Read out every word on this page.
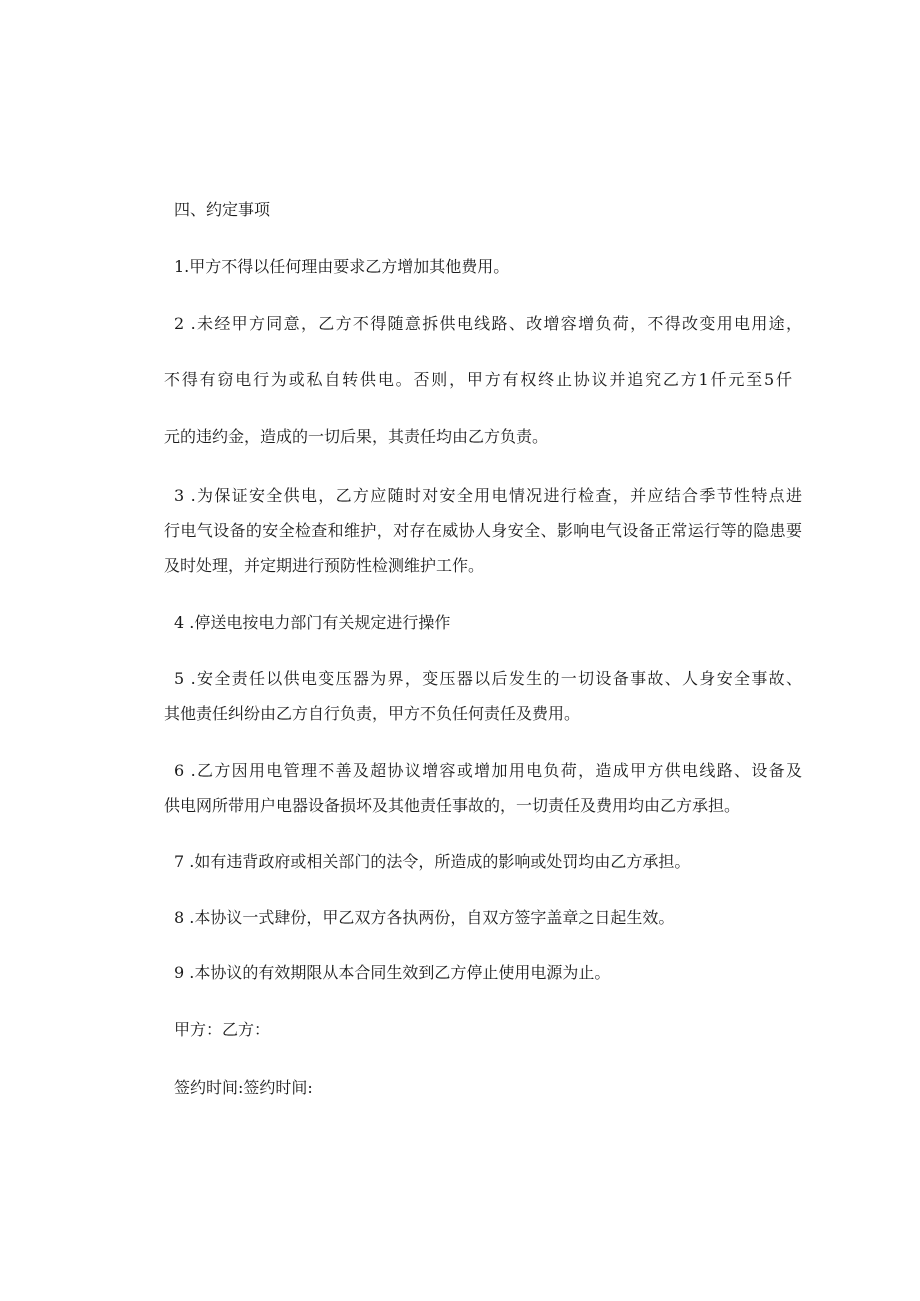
四、约定事项

1.甲方不得以任何理由要求乙方增加其他费用。

2 .未经甲方同意，乙方不得随意拆供电线路、改增容增负荷，不得改变用电用途，

不得有窃电行为或私自转供电。否则，甲方有权终止协议并追究乙方1仟元至5仟

元的违约金，造成的一切后果，其责任均由乙方负责。

3 .为保证安全供电，乙方应随时对安全用电情况进行检查，并应结合季节性特点进

行电气设备的安全检查和维护，对存在威协人身安全、影响电气设备正常运行等的隐患要

及时处理，并定期进行预防性检测维护工作。

4 .停送电按电力部门有关规定进行操作

5 .安全责任以供电变压器为界，变压器以后发生的一切设备事故、人身安全事故、

其他责任纠纷由乙方自行负责，甲方不负任何责任及费用。

6 .乙方因用电管理不善及超协议增容或增加用电负荷，造成甲方供电线路、设备及

供电网所带用户电器设备损坏及其他责任事故的，一切责任及费用均由乙方承担。

7 .如有违背政府或相关部门的法令，所造成的影响或处罚均由乙方承担。

8 .本协议一式肆份，甲乙双方各执两份，自双方签字盖章之日起生效。

9 .本协议的有效期限从本合同生效到乙方停止使用电源为止。

甲方：乙方：

签约时间:签约时间:
